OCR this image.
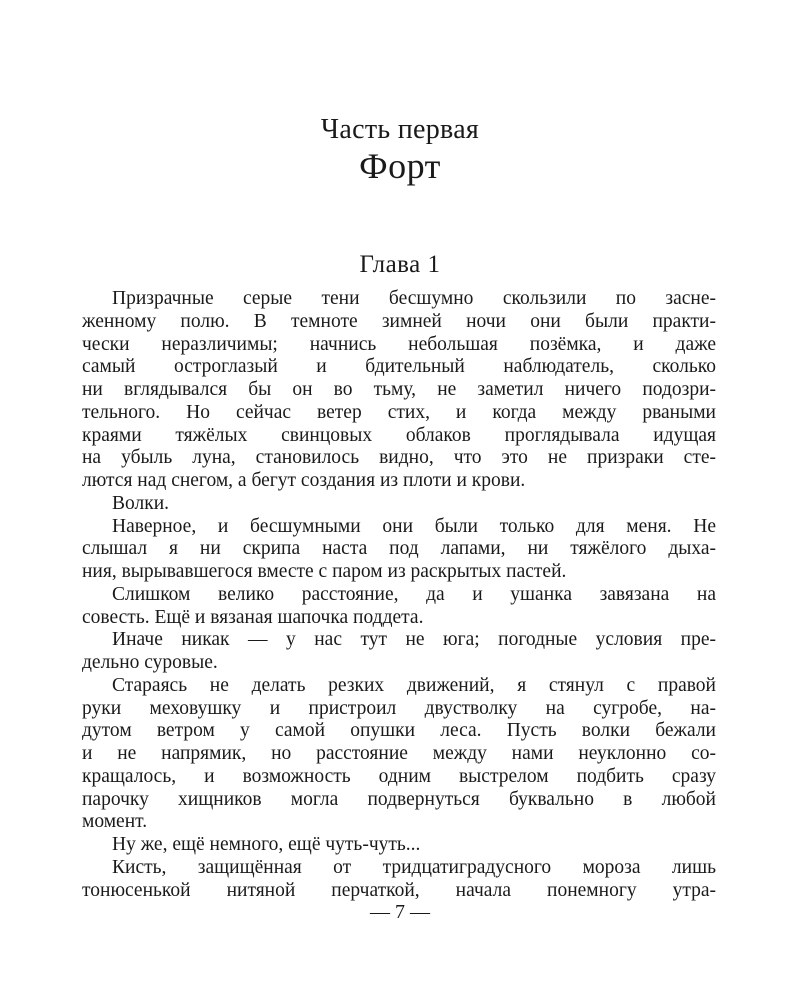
Часть первая
Форт
Глава 1
Призрачные серые тени бесшумно скользили по засне-
женному полю. В темноте зимней ночи они были практи-
чески неразличимы; начнись небольшая позёмка, и даже
самый остроглазый и бдительный наблюдатель, сколько
ни вглядывался бы он во тьму, не заметил ничего подозри-
тельного. Но сейчас ветер стих, и когда между рваными
краями тяжёлых свинцовых облаков проглядывала идущая
на убыль луна, становилось видно, что это не призраки сте-
лются над снегом, а бегут создания из плоти и крови.
Волки.
Наверное, и бесшумными они были только для меня. Не
слышал я ни скрипа наста под лапами, ни тяжёлого дыха-
ния, вырывавшегося вместе с паром из раскрытых пастей.
Слишком велико расстояние, да и ушанка завязана на
совесть. Ещё и вязаная шапочка поддета.
Иначе никак — у нас тут не юга; погодные условия пре-
дельно суровые.
Стараясь не делать резких движений, я стянул с правой
руки меховушку и пристроил двустволку на сугробе, на-
дутом ветром у самой опушки леса. Пусть волки бежали
и не напрямик, но расстояние между нами неуклонно со-
кращалось, и возможность одним выстрелом подбить сразу
парочку хищников могла подвернуться буквально в любой
момент.
Ну же, ещё немного, ещё чуть-чуть...
Кисть, защищённая от тридцатиградусного мороза лишь
тонюсенькой нитяной перчаткой, начала понемногу утра-
— 7 —
